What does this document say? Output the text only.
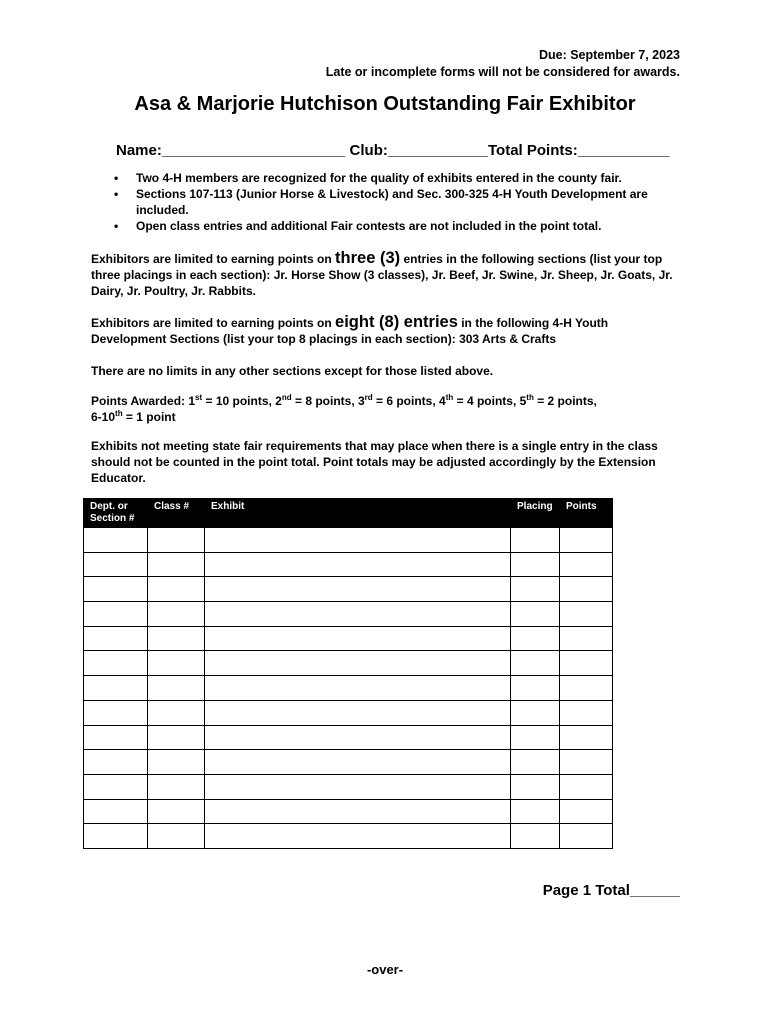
Due: September 7, 2023
Late or incomplete forms will not be considered for awards.
Asa & Marjorie Hutchison Outstanding Fair Exhibitor
Name:______________________ Club:____________Total Points:___________
• Two 4-H members are recognized for the quality of exhibits entered in the county fair.
• Sections 107-113 (Junior Horse & Livestock) and Sec. 300-325 4-H Youth Development are included.
• Open class entries and additional Fair contests are not included in the point total.
Exhibitors are limited to earning points on three (3) entries in the following sections (list your top three placings in each section): Jr. Horse Show (3 classes), Jr. Beef, Jr. Swine, Jr. Sheep, Jr. Goats, Jr. Dairy, Jr. Poultry, Jr. Rabbits.
Exhibitors are limited to earning points on eight (8) entries in the following 4-H Youth Development Sections (list your top 8 placings in each section): 303 Arts & Crafts
There are no limits in any other sections except for those listed above.
Points Awarded: 1st = 10 points, 2nd = 8 points, 3rd = 6 points, 4th = 4 points, 5th = 2 points,
6-10th = 1 point
Exhibits not meeting state fair requirements that may place when there is a single entry in the class should not be counted in the point total. Point totals may be adjusted accordingly by the Extension Educator.
Dept. or Section #	Class #	Exhibit	Placing	Points

Page 1 Total______
-over-
